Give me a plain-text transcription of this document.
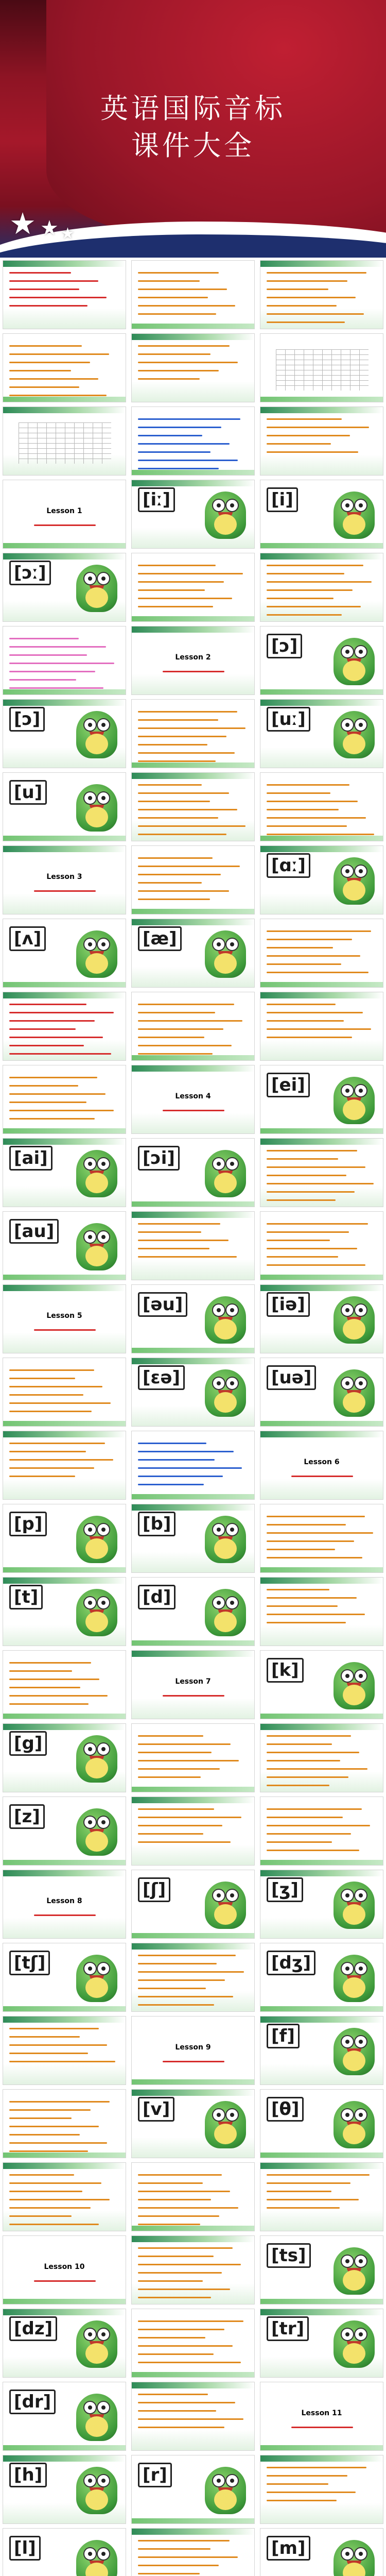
★ ★ ★
英语国际音标
课件大全
Lesson 1
[iː]	[i]
[ɔː]
Lesson 2
[ɔ]
[ɔ]	[uː]
[u]
Lesson 3
[ɑː]
[ʌ]	[æ]
Lesson 4
[ei]
[ai]	[ɔi]
[au]
Lesson 5
[əu]	[iə]
[ɛə]	[uə]
Lesson 6
[p]	[b]
[t]	[d]
Lesson 7
[k]
[g]
[z]
Lesson 8
[ʃ]	[ʒ]
[tʃ]	[dʒ]
Lesson 9
[f]
[v]	[θ]
Lesson 10
[ts]
[dz]	[tr]
[dr]
Lesson 11
[h]	[r]
[l]	[m]
